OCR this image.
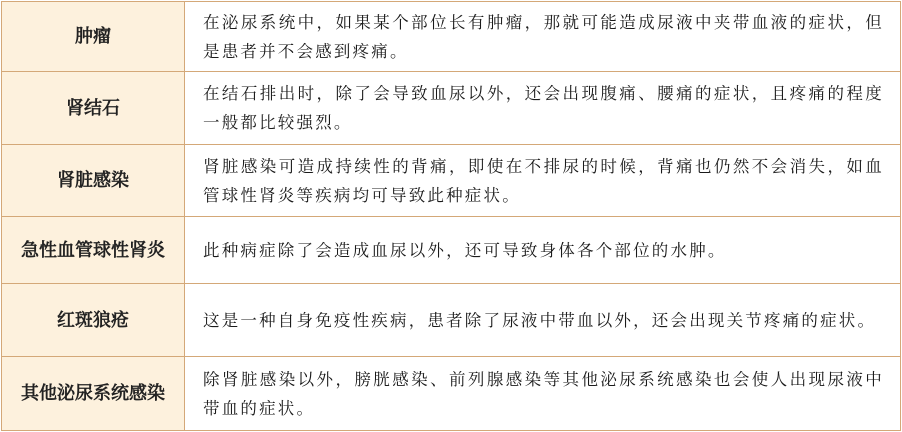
肿瘤	在泌尿系统中，如果某个部位长有肿瘤，那就可能造成尿液中夹带血液的症状，但是患者并不会感到疼痛。
肾结石	在结石排出时，除了会导致血尿以外，还会出现腹痛、腰痛的症状，且疼痛的程度一般都比较强烈。
肾脏感染	肾脏感染可造成持续性的背痛，即使在不排尿的时候，背痛也仍然不会消失，如血管球性肾炎等疾病均可导致此种症状。
急性血管球性肾炎	此种病症除了会造成血尿以外，还可导致身体各个部位的水肿。
红斑狼疮	这是一种自身免疫性疾病，患者除了尿液中带血以外，还会出现关节疼痛的症状。
其他泌尿系统感染	除肾脏感染以外，膀胱感染、前列腺感染等其他泌尿系统感染也会使人出现尿液中带血的症状。
